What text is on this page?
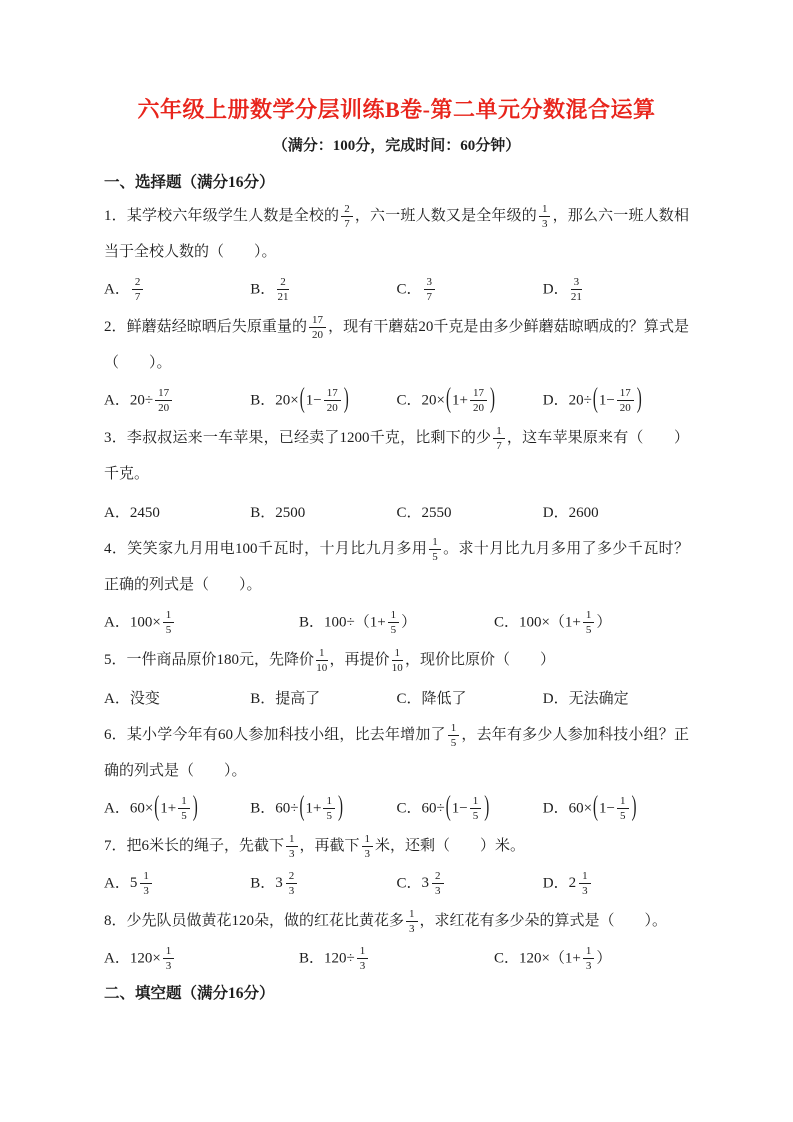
六年级上册数学分层训练B卷-第二单元分数混合运算
（满分：100分，完成时间：60分钟）
一、选择题（满分16分）
1．某学校六年级学生人数是全校的 $\frac{2}{7}$ ，六一班人数又是全年级的 $\frac{1}{3}$ ，那么六一班人数相当于全校人数的（　　）。
A． $\frac{2}{7}$	B． $\frac{2}{21}$	C． $\frac{3}{7}$	D． $\frac{3}{21}$
2．鲜蘑菇经晾晒后失原重量的 $\frac{17}{20}$ ，现有干蘑菇20千克是由多少鲜蘑菇晾晒成的？算式是（　　）。
A．$20\div \frac{17}{20}$	B．$20\times(1- \frac{17}{20}$ )	C．$20\times(1+ \frac{17}{20}$ )	D．$20\div(1- \frac{17}{20}$ )
3．李叔叔运来一车苹果，已经卖了1200千克，比剩下的少 $\frac{1}{7}$ ，这车苹果原来有（　　）千克。
A．2450	B．2500	C．2550	D．2600
4．笑笑家九月用电100千瓦时，十月比九月多用 $\frac{1}{5}$ 。求十月比九月多用了多少千瓦时？正确的列式是（　　）。
A．$100\times \frac{1}{5}$	B．$100\div(1+ \frac{1}{5}$ ）	C．$100\times(1+ \frac{1}{5}$ ）
5．一件商品原价180元，先降价 $\frac{1}{10}$ ，再提价 $\frac{1}{10}$ ，现价比原价（　　）
A．没变	B．提高了	C．降低了	D．无法确定
6．某小学今年有60人参加科技小组，比去年增加了 $\frac{1}{5}$ ，去年有多少人参加科技小组？正确的列式是（　　）。
A．$60\times(1+ \frac{1}{5}$ )	B．$60\div(1+ \frac{1}{5}$ )	C．$60\div(1- \frac{1}{5}$ )	D．$60\times(1- \frac{1}{5}$ )
7．把6米长的绳子，先截下 $\frac{1}{3}$ ，再截下 $\frac{1}{3}$ 米，还剩（　　）米。
A．$5 \frac{1}{3}$	B．$3 \frac{2}{3}$	C．$3 \frac{2}{3}$	D．$2 \frac{1}{3}$
8．少先队员做黄花120朵，做的红花比黄花多 $\frac{1}{3}$ ，求红花有多少朵的算式是（　　）。
A．$120\times \frac{1}{3}$	B．$120\div \frac{1}{3}$	C．$120\times(1+ \frac{1}{3}$ ）
二、填空题（满分16分）
